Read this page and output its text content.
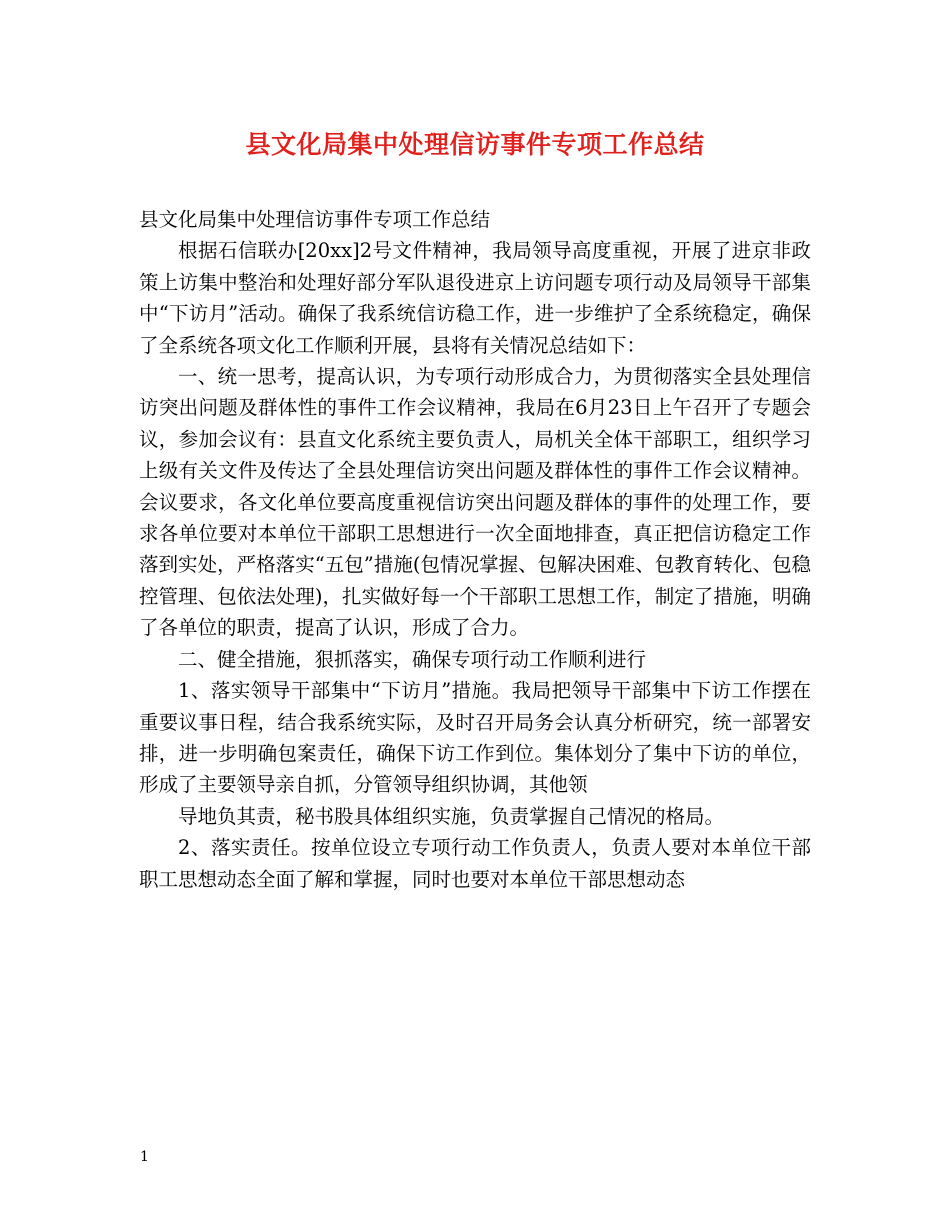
县文化局集中处理信访事件专项工作总结

县文化局集中处理信访事件专项工作总结

根据石信联办[20xx]2号文件精神，我局领导高度重视，开展了进京非政策上访集中整治和处理好部分军队退役进京上访问题专项行动及局领导干部集中“下访月”活动。确保了我系统信访稳工作，进一步维护了全系统稳定，确保了全系统各项文化工作顺利开展，县将有关情况总结如下：

一、统一思考，提高认识，为专项行动形成合力，为贯彻落实全县处理信访突出问题及群体性的事件工作会议精神，我局在6月23日上午召开了专题会议，参加会议有：县直文化系统主要负责人，局机关全体干部职工，组织学习上级有关文件及传达了全县处理信访突出问题及群体性的事件工作会议精神。会议要求，各文化单位要高度重视信访突出问题及群体的事件的处理工作，要求各单位要对本单位干部职工思想进行一次全面地排查，真正把信访稳定工作落到实处，严格落实“五包”措施(包情况掌握、包解决困难、包教育转化、包稳控管理、包依法处理)，扎实做好每一个干部职工思想工作，制定了措施，明确了各单位的职责，提高了认识，形成了合力。

二、健全措施，狠抓落实，确保专项行动工作顺利进行

1、落实领导干部集中“下访月”措施。我局把领导干部集中下访工作摆在重要议事日程，结合我系统实际，及时召开局务会认真分析研究，统一部署安排，进一步明确包案责任，确保下访工作到位。集体划分了集中下访的单位，形成了主要领导亲自抓，分管领导组织协调，其他领

导地负其责，秘书股具体组织实施，负责掌握自己情况的格局。

2、落实责任。按单位设立专项行动工作负责人，负责人要对本单位干部职工思想动态全面了解和掌握，同时也要对本单位干部思想动态

1
